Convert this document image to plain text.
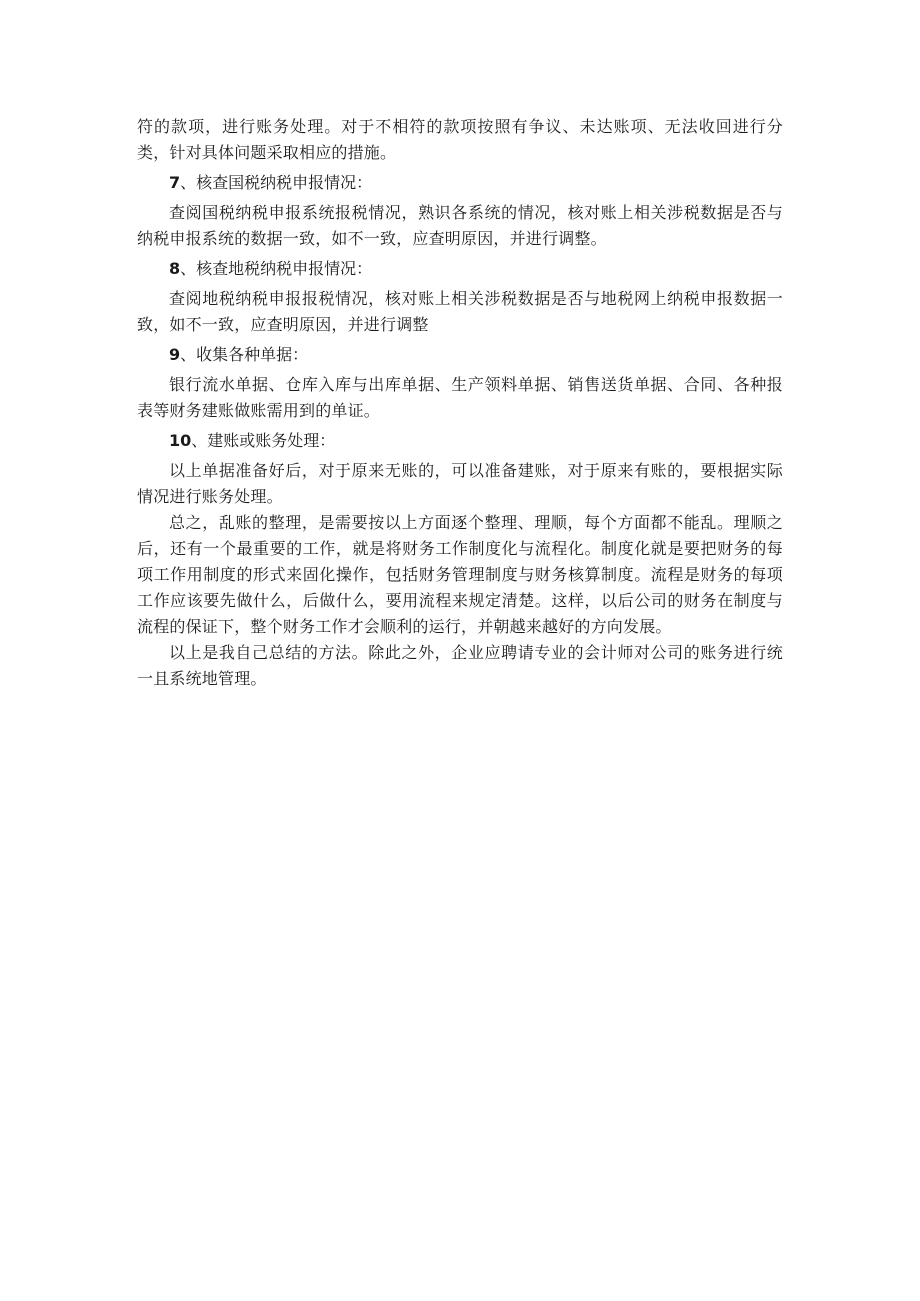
符的款项，进行账务处理。对于不相符的款项按照有争议、未达账项、无法收回进行分类，针对具体问题采取相应的措施。

7、核查国税纳税申报情况：

查阅国税纳税申报系统报税情况，熟识各系统的情况，核对账上相关涉税数据是否与纳税申报系统的数据一致，如不一致，应查明原因，并进行调整。

8、核查地税纳税申报情况：

查阅地税纳税申报报税情况，核对账上相关涉税数据是否与地税网上纳税申报数据一致，如不一致，应查明原因，并进行调整

9、收集各种单据：

银行流水单据、仓库入库与出库单据、生产领料单据、销售送货单据、合同、各种报表等财务建账做账需用到的单证。

10、建账或账务处理：

以上单据准备好后，对于原来无账的，可以准备建账，对于原来有账的，要根据实际情况进行账务处理。

总之，乱账的整理，是需要按以上方面逐个整理、理顺，每个方面都不能乱。理顺之后，还有一个最重要的工作，就是将财务工作制度化与流程化。制度化就是要把财务的每项工作用制度的形式来固化操作，包括财务管理制度与财务核算制度。流程是财务的每项工作应该要先做什么，后做什么，要用流程来规定清楚。这样，以后公司的财务在制度与流程的保证下，整个财务工作才会顺利的运行，并朝越来越好的方向发展。

以上是我自己总结的方法。除此之外，企业应聘请专业的会计师对公司的账务进行统一且系统地管理。
